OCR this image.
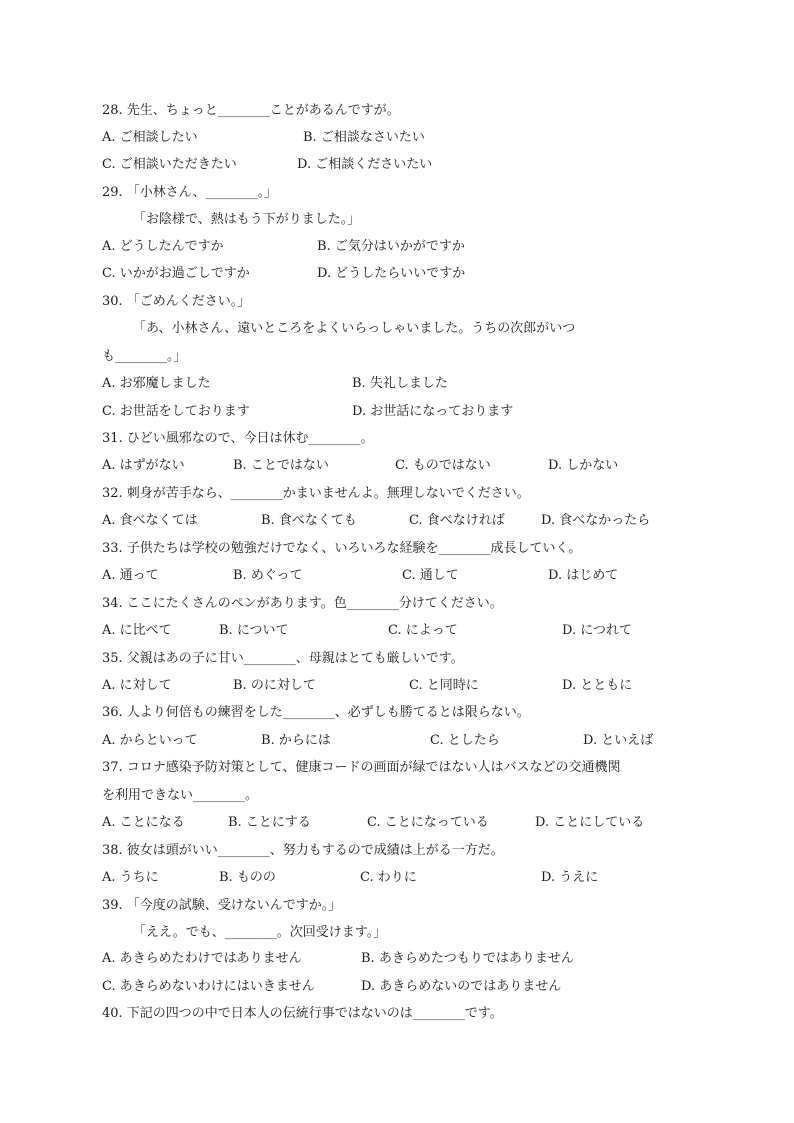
28. 先生、ちょっと________ことがあるんですが。
A. ご相談したい	B. ご相談なさいたい
C. ご相談いただきたい	D. ご相談くださいたい
29. 「小林さん、________。」
「お陰様で、熱はもう下がりました。」
A. どうしたんですか	B. ご気分はいかがですか
C. いかがお過ごしですか	D. どうしたらいいですか
30. 「ごめんください。」
「あ、小林さん、遠いところをよくいらっしゃいました。うちの次郎がいつ
も________。」
A. お邪魔しました	B. 失礼しました
C. お世話をしております	D. お世話になっております
31. ひどい風邪なので、今日は休む________。
A. はずがない	B. ことではない	C. ものではない	D. しかない
32. 刺身が苦手なら、________かまいませんよ。無理しないでください。
A. 食べなくては	B. 食べなくても	C. 食べなければ	D. 食べなかったら
33. 子供たちは学校の勉強だけでなく、いろいろな経験を________成長していく。
A. 通って	B. めぐって	C. 通して	D. はじめて
34. ここにたくさんのペンがあります。色________分けてください。
A. に比べて	B. について	C. によって	D. につれて
35. 父親はあの子に甘い________、母親はとても厳しいです。
A. に対して	B. のに対して	C. と同時に	D. とともに
36. 人より何倍もの練習をした________、必ずしも勝てるとは限らない。
A. からといって	B. からには	C. としたら	D. といえば
37. コロナ感染予防対策として、健康コードの画面が緑ではない人はバスなどの交通機関
を利用できない________。
A. ことになる	B. ことにする	C. ことになっている	D. ことにしている
38. 彼女は頭がいい________、努力もするので成績は上がる一方だ。
A. うちに	B. ものの	C. わりに	D. うえに
39. 「今度の試験、受けないんですか。」
「ええ。でも、________。次回受けます。」
A. あきらめたわけではありません	B. あきらめたつもりではありません
C. あきらめないわけにはいきません	D. あきらめないのではありません
40. 下記の四つの中で日本人の伝統行事ではないのは________です。
